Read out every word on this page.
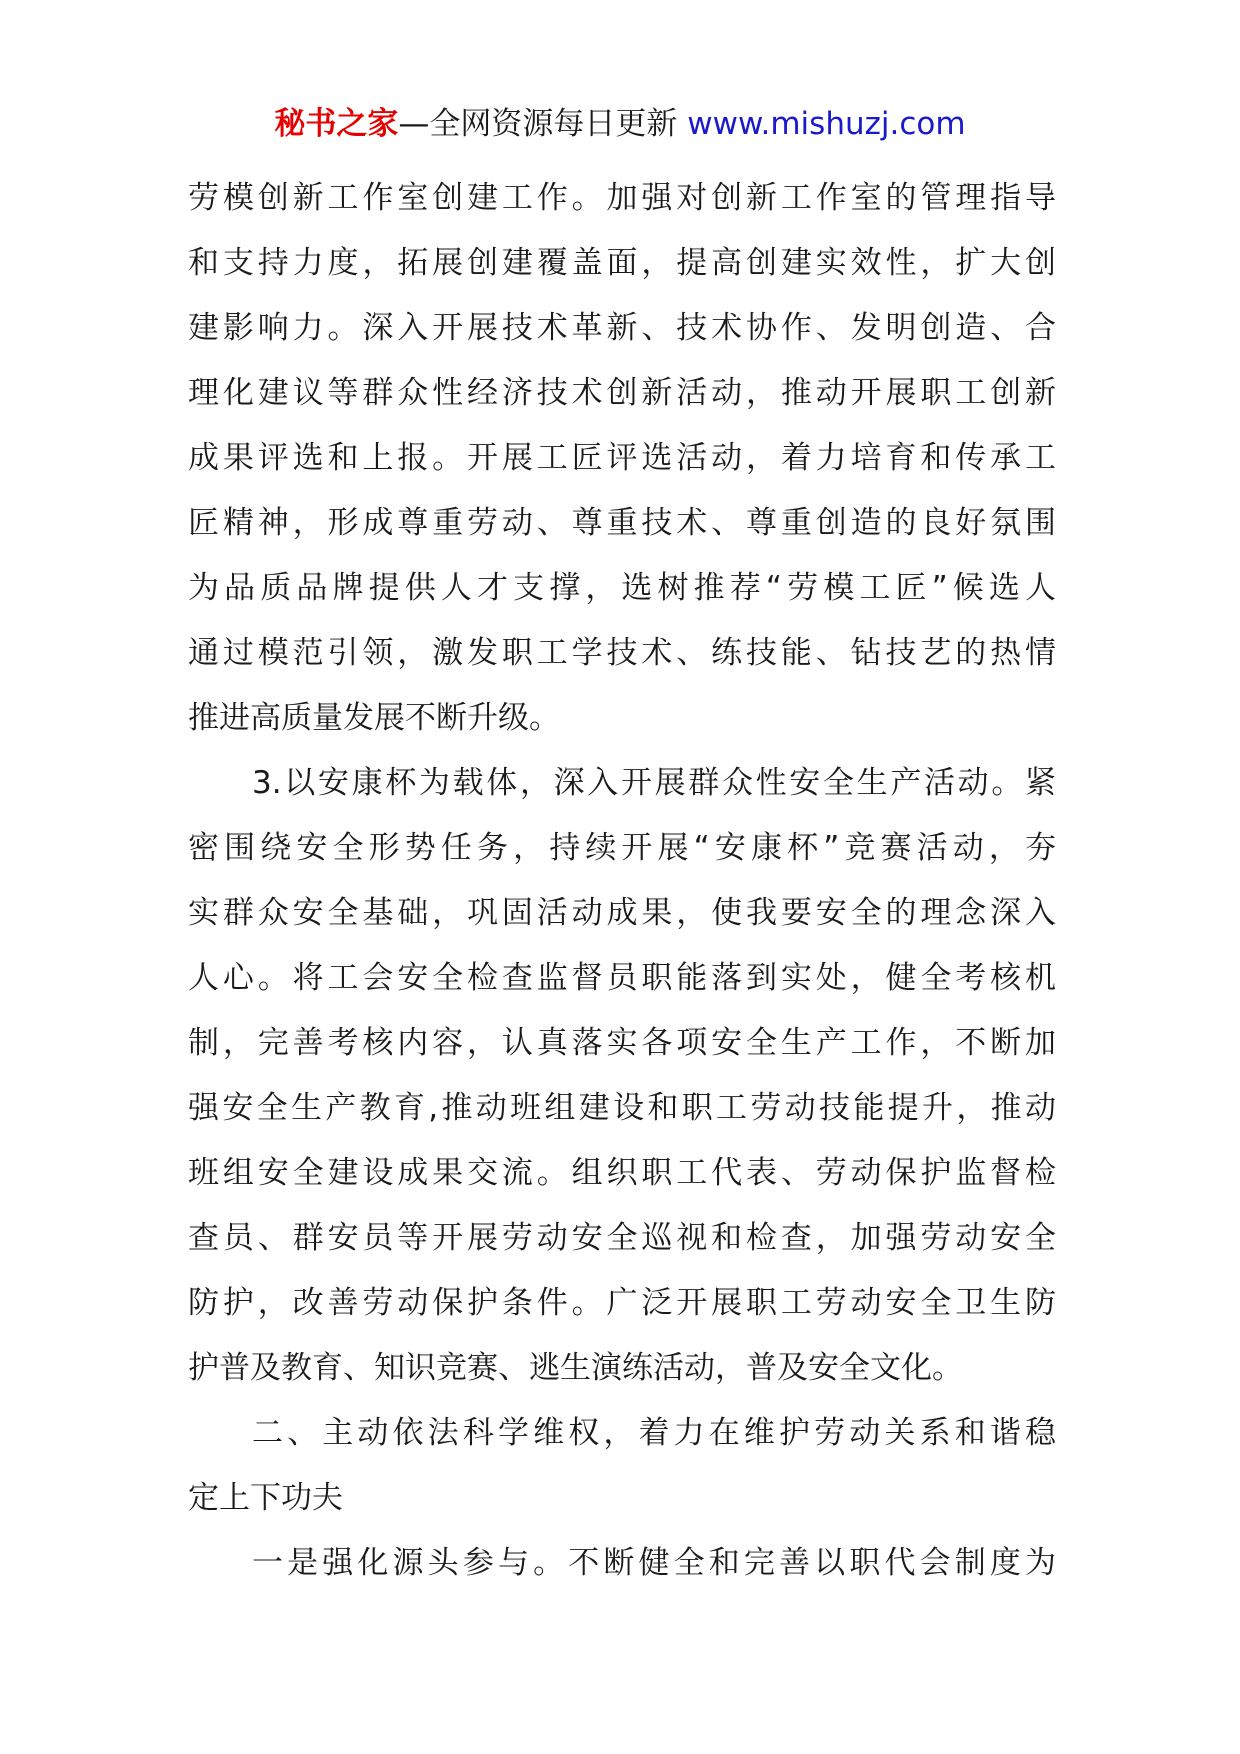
秘书之家—全网资源每日更新 www.mishuzj.com
劳模创新工作室创建工作。加强对创新工作室的管理指导
和支持力度，拓展创建覆盖面，提高创建实效性，扩大创
建影响力。深入开展技术革新、技术协作、发明创造、合
理化建议等群众性经济技术创新活动，推动开展职工创新
成果评选和上报。开展工匠评选活动，着力培育和传承工
匠精神，形成尊重劳动、尊重技术、尊重创造的良好氛围
为品质品牌提供人才支撑，选树推荐“劳模工匠”候选人
通过模范引领，激发职工学技术、练技能、钻技艺的热情
推进高质量发展不断升级。
3.以安康杯为载体，深入开展群众性安全生产活动。紧
密围绕安全形势任务，持续开展“安康杯”竞赛活动，夯
实群众安全基础，巩固活动成果，使我要安全的理念深入
人心。将工会安全检查监督员职能落到实处，健全考核机
制，完善考核内容，认真落实各项安全生产工作，不断加
强安全生产教育,推动班组建设和职工劳动技能提升，推动
班组安全建设成果交流。组织职工代表、劳动保护监督检
查员、群安员等开展劳动安全巡视和检查，加强劳动安全
防护，改善劳动保护条件。广泛开展职工劳动安全卫生防
护普及教育、知识竞赛、逃生演练活动，普及安全文化。
二、主动依法科学维权，着力在维护劳动关系和谐稳
定上下功夫
一是强化源头参与。不断健全和完善以职代会制度为
